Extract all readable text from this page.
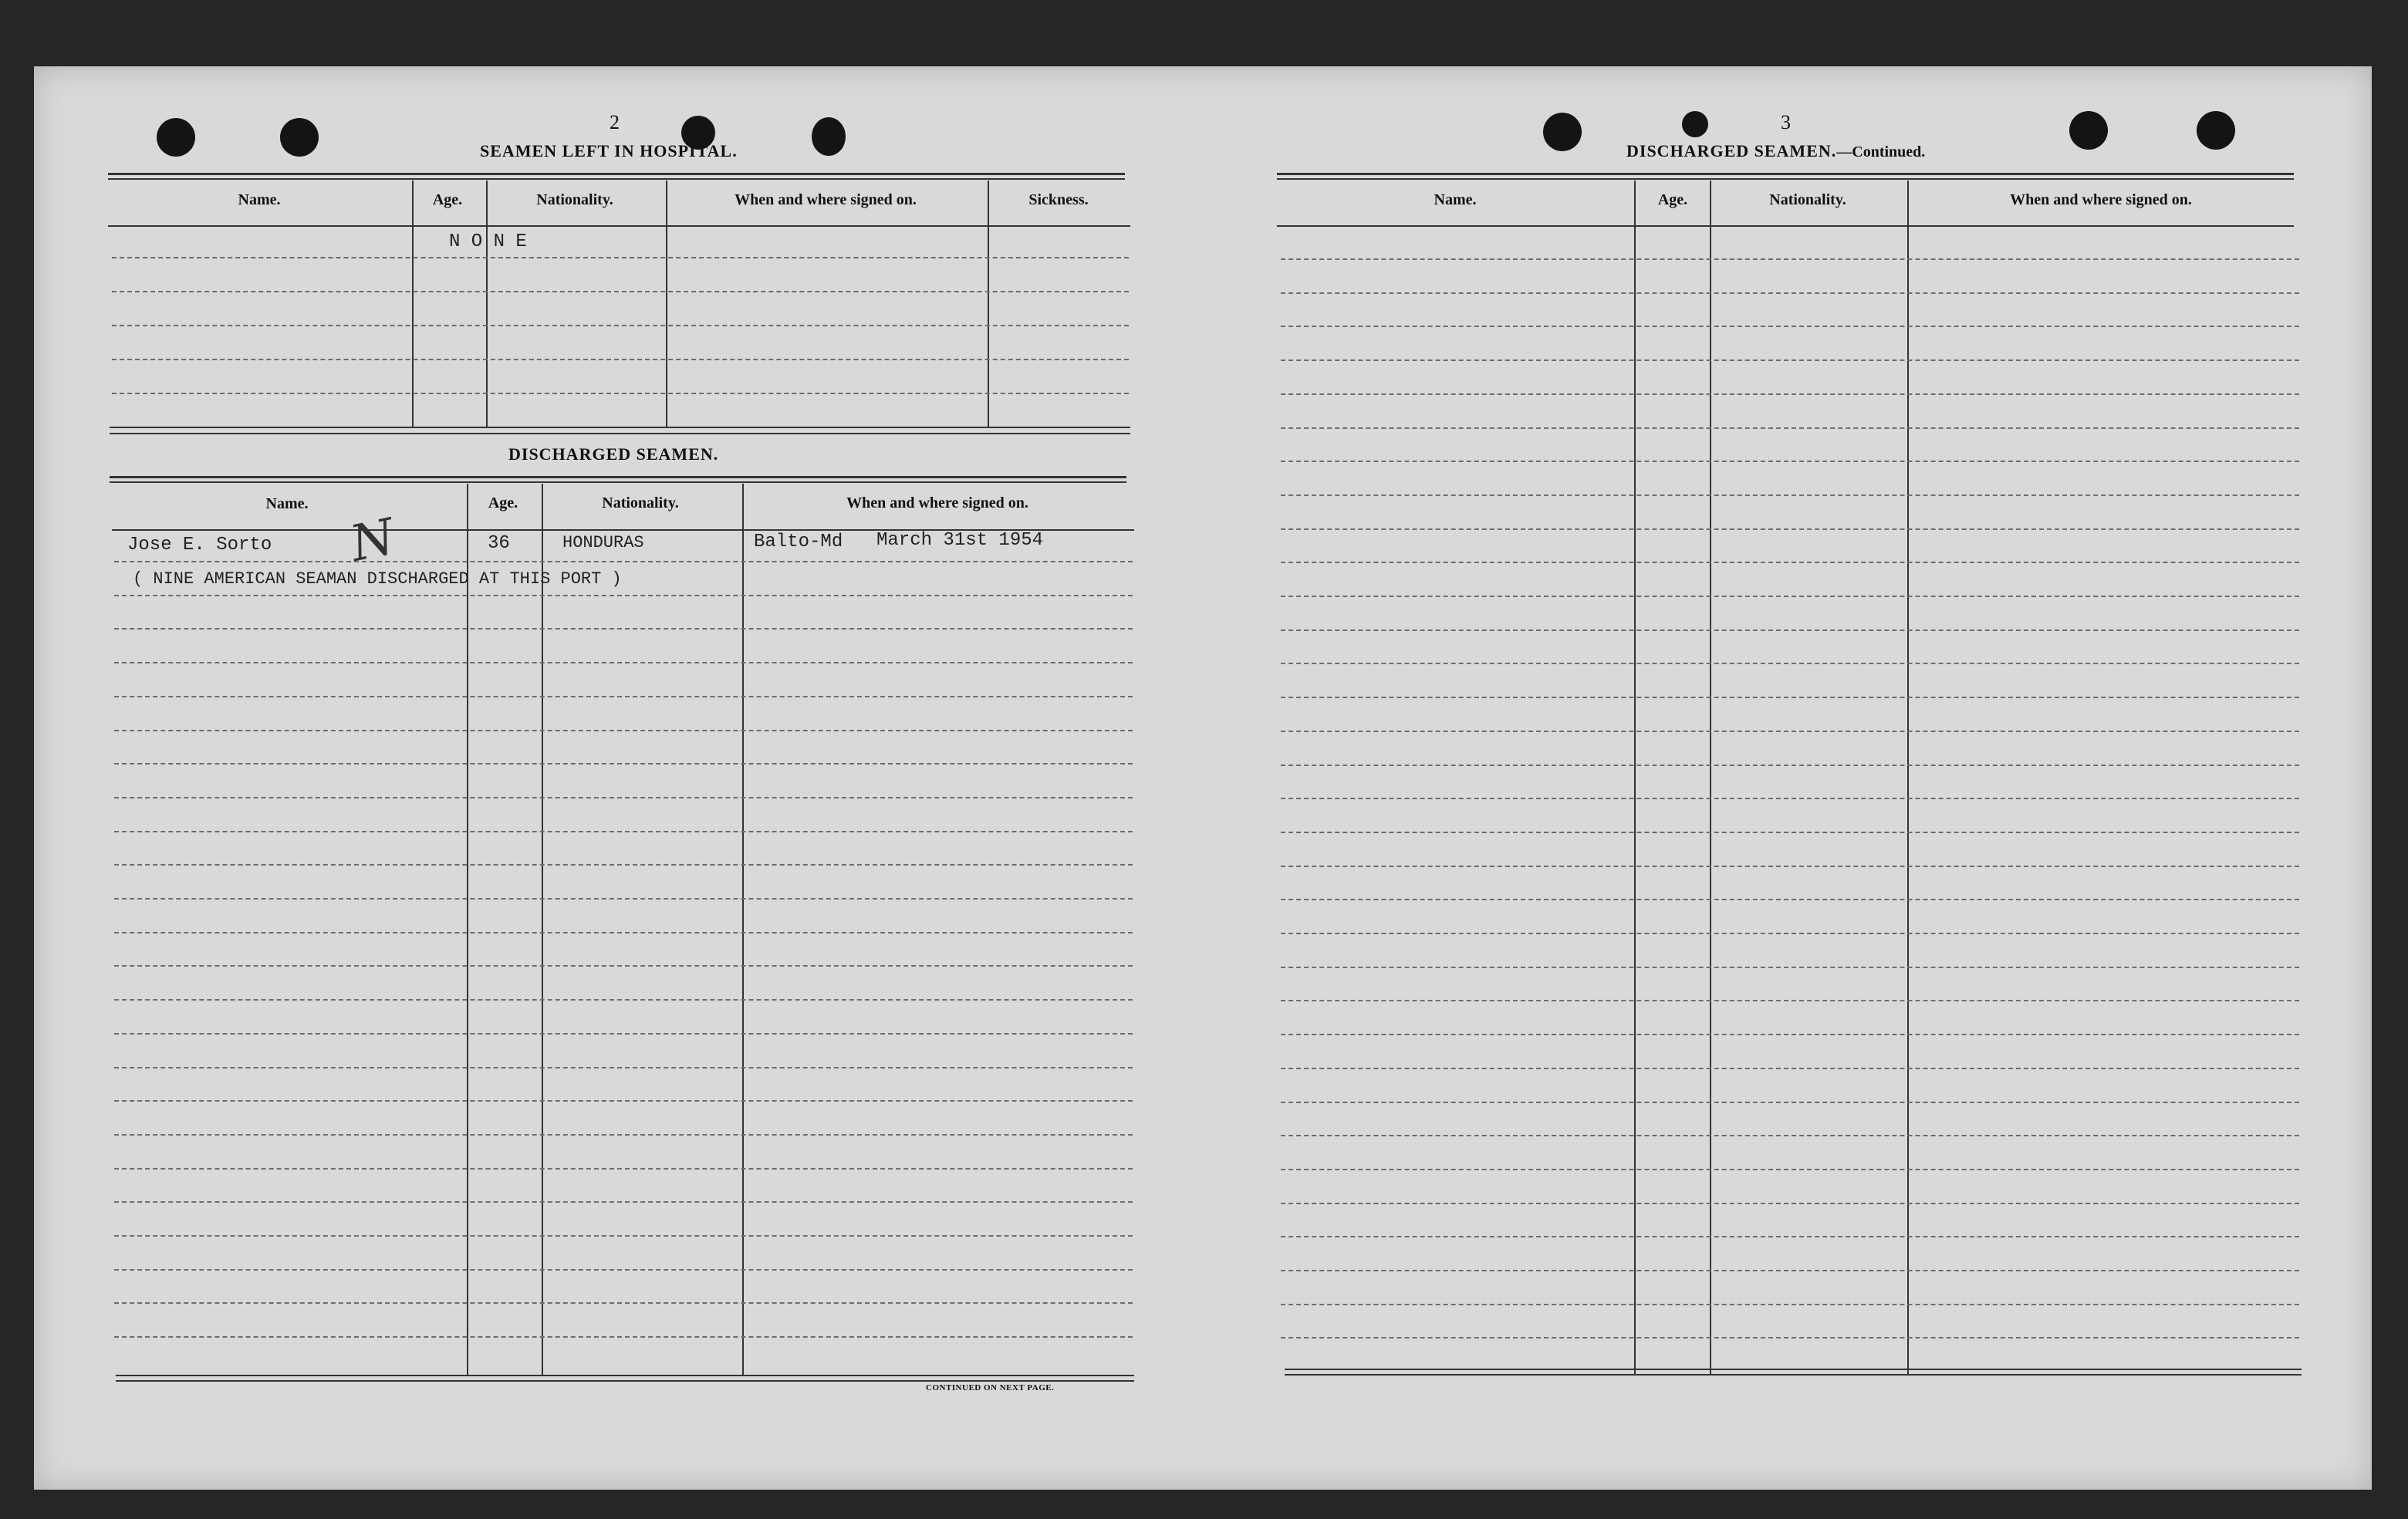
2
SEAMEN LEFT IN HOSPITAL.
Name.	Age.	Nationality.	When and where signed on.	Sickness.
N O N E
DISCHARGED SEAMEN.
Name.	Age.	Nationality.	When and where signed on.
Jose E. Sorto N	36	HONDURAS	Balto-Md March 31st 1954
( NINE AMERICAN SEAMAN DISCHARGED AT THIS PORT )
CONTINUED ON NEXT PAGE.
3
DISCHARGED SEAMEN.—Continued.
Name.	Age.	Nationality.	When and where signed on.
